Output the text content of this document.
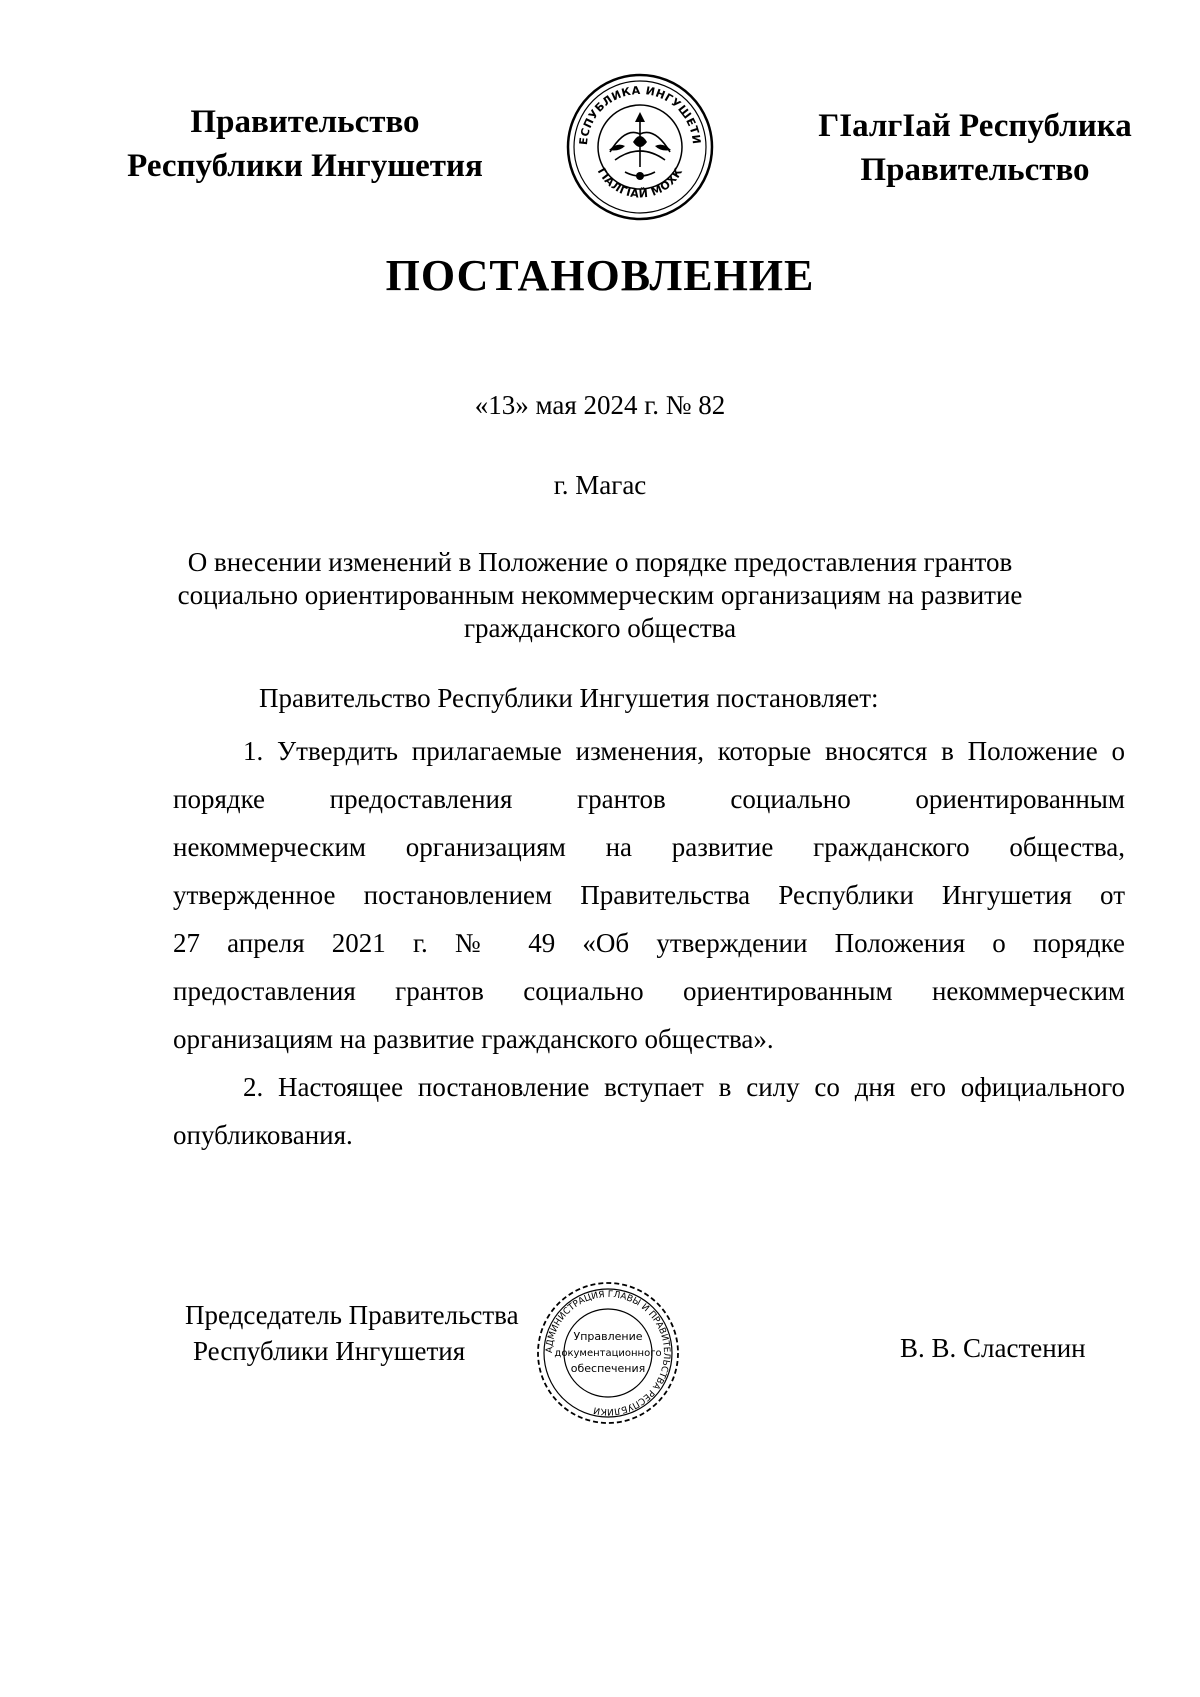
Правительство
Республики Ингушетия
ЕСПУБЛИКА ИНГУШЕТИ
ГIАЛГIАЙ МОХК
ГIалгIай Республика
Правительство
ПОСТАНОВЛЕНИЕ
«13» мая 2024 г. № 82
г. Магас
О внесении изменений в Положение о порядке предоставления грантов
социально ориентированным некоммерческим организациям на развитие
гражданского общества
Правительство Республики Ингушетия постановляет:
1. Утвердить прилагаемые изменения, которые вносятся в Положение о
порядке предоставления грантов социально ориентированным
некоммерческим организациям на развитие гражданского общества,
утвержденное постановлением Правительства Республики Ингушетия от
27 апреля 2021 г. № 49 «Об утверждении Положения о порядке
предоставления грантов социально ориентированным некоммерческим
организациям на развитие гражданского общества».
2. Настоящее постановление вступает в силу со дня его официального
опубликования.
Председатель Правительства
Республики Ингушетия	АДМИНИСТРАЦИЯ ГЛАВЫ И ПРАВИТЕЛЬСТВА РЕСПУБЛИКИ
Управление
документационного
обеспечения
В. В. Сластенин
